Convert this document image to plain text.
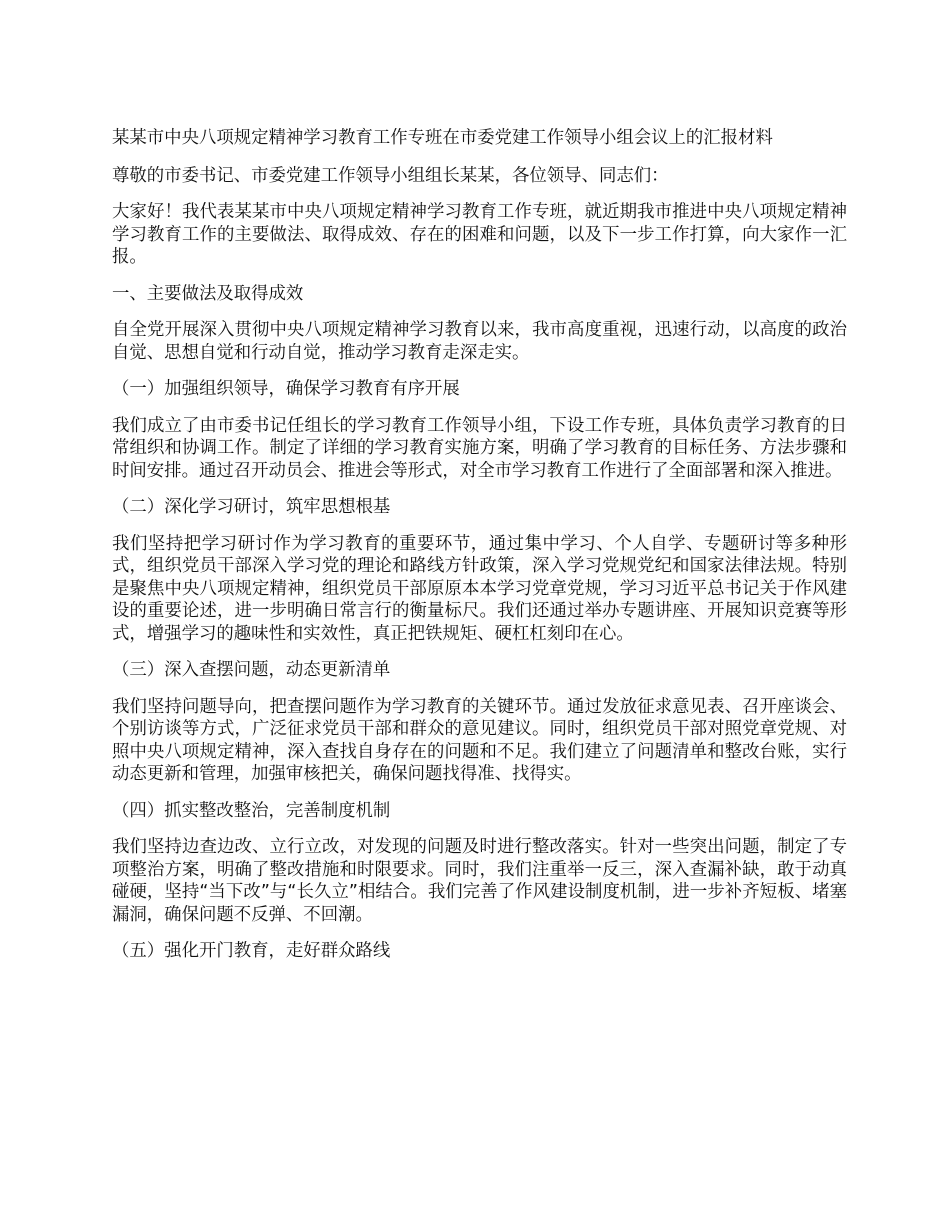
某某市中央八项规定精神学习教育工作专班在市委党建工作领导小组会议上的汇报材料

尊敬的市委书记、市委党建工作领导小组组长某某，各位领导、同志们：

大家好！我代表某某市中央八项规定精神学习教育工作专班，就近期我市推进中央八项规定精神学习教育工作的主要做法、取得成效、存在的困难和问题，以及下一步工作打算，向大家作一汇报。

一、主要做法及取得成效

自全党开展深入贯彻中央八项规定精神学习教育以来，我市高度重视，迅速行动，以高度的政治自觉、思想自觉和行动自觉，推动学习教育走深走实。

（一）加强组织领导，确保学习教育有序开展

我们成立了由市委书记任组长的学习教育工作领导小组，下设工作专班，具体负责学习教育的日常组织和协调工作。制定了详细的学习教育实施方案，明确了学习教育的目标任务、方法步骤和时间安排。通过召开动员会、推进会等形式，对全市学习教育工作进行了全面部署和深入推进。

（二）深化学习研讨，筑牢思想根基

我们坚持把学习研讨作为学习教育的重要环节，通过集中学习、个人自学、专题研讨等多种形式，组织党员干部深入学习党的理论和路线方针政策，深入学习党规党纪和国家法律法规。特别是聚焦中央八项规定精神，组织党员干部原原本本学习党章党规，学习习近平总书记关于作风建设的重要论述，进一步明确日常言行的衡量标尺。我们还通过举办专题讲座、开展知识竞赛等形式，增强学习的趣味性和实效性，真正把铁规矩、硬杠杠刻印在心。

（三）深入查摆问题，动态更新清单

我们坚持问题导向，把查摆问题作为学习教育的关键环节。通过发放征求意见表、召开座谈会、个别访谈等方式，广泛征求党员干部和群众的意见建议。同时，组织党员干部对照党章党规、对照中央八项规定精神，深入查找自身存在的问题和不足。我们建立了问题清单和整改台账，实行动态更新和管理，加强审核把关，确保问题找得准、找得实。

（四）抓实整改整治，完善制度机制

我们坚持边查边改、立行立改，对发现的问题及时进行整改落实。针对一些突出问题，制定了专项整治方案，明确了整改措施和时限要求。同时，我们注重举一反三，深入查漏补缺，敢于动真碰硬，坚持“当下改”与“长久立”相结合。我们完善了作风建设制度机制，进一步补齐短板、堵塞漏洞，确保问题不反弹、不回潮。

（五）强化开门教育，走好群众路线
